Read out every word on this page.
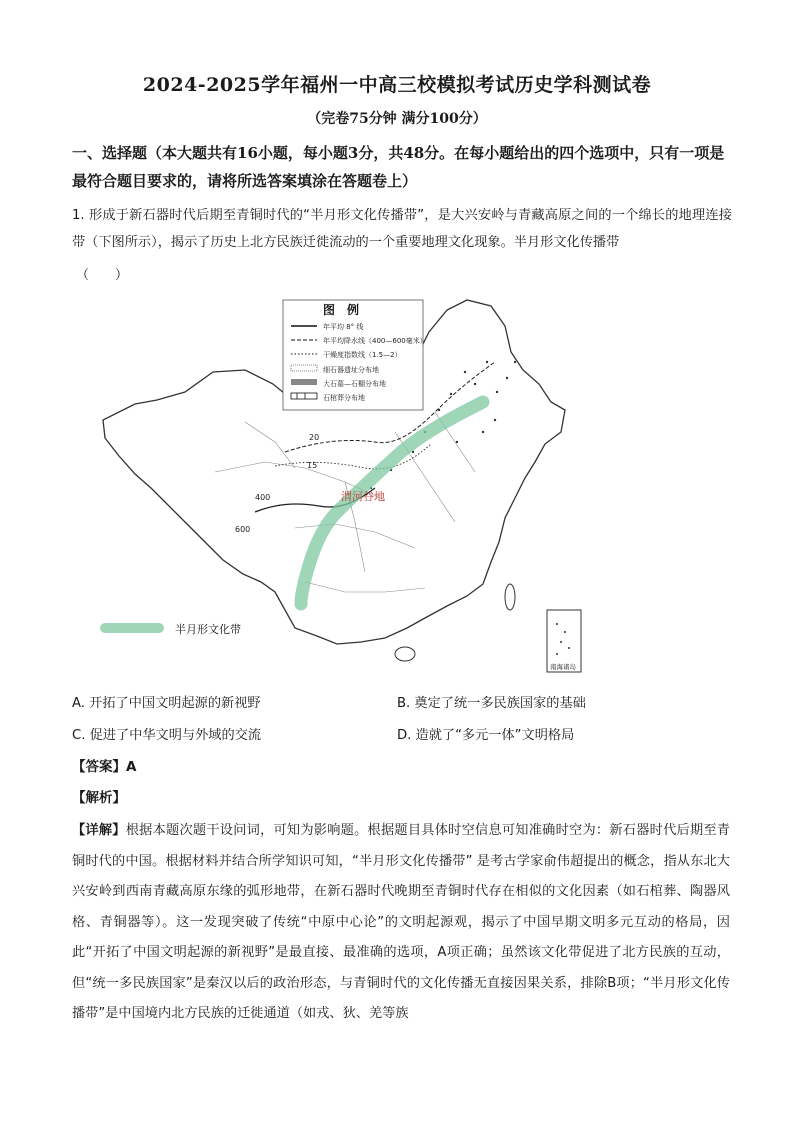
2024-2025学年福州一中高三校模拟考试历史学科测试卷
（完卷75分钟 满分100分）
一、选择题（本大题共有16小题，每小题3分，共48分。在每小题给出的四个选项中，只有一项是最符合题目要求的，请将所选答案填涂在答题卷上）
1. 形成于新石器时代后期至青铜时代的“半月形文化传播带”，是大兴安岭与青藏高原之间的一个绵长的地理连接带（下图所示），揭示了历史上北方民族迁徙流动的一个重要地理文化现象。半月形文化传播带
（　　）
图　例
年平均 8° 线
年平均降水线（400—600毫米）
干燥度指数线（1.5—2）
细石器遗址分布地
大石墓—石棚分布地
石棺葬分布地
20
15
400
600
渭河谷地
半月形文化带
南海诸岛
A. 开拓了中国文明起源的新视野	B. 奠定了统一多民族国家的基础
C. 促进了中华文明与外域的交流	D. 造就了“多元一体”文明格局
【答案】A
【解析】
【详解】根据本题次题干设问词，可知为影响题。根据题目具体时空信息可知准确时空为：新石器时代后期至青铜时代的中国。根据材料并结合所学知识可知，“半月形文化传播带” 是考古学家俞伟超提出的概念，指从东北大兴安岭到西南青藏高原东缘的弧形地带，在新石器时代晚期至青铜时代存在相似的文化因素（如石棺葬、陶器风格、青铜器等）。这一发现突破了传统“中原中心论”的文明起源观，揭示了中国早期文明多元互动的格局，因此“开拓了中国文明起源的新视野”是最直接、最准确的选项，A项正确；虽然该文化带促进了北方民族的互动，但“统一多民族国家”是秦汉以后的政治形态，与青铜时代的文化传播无直接因果关系，排除B项；“半月形文化传播带”是中国境内北方民族的迁徙通道（如戎、狄、羌等族
